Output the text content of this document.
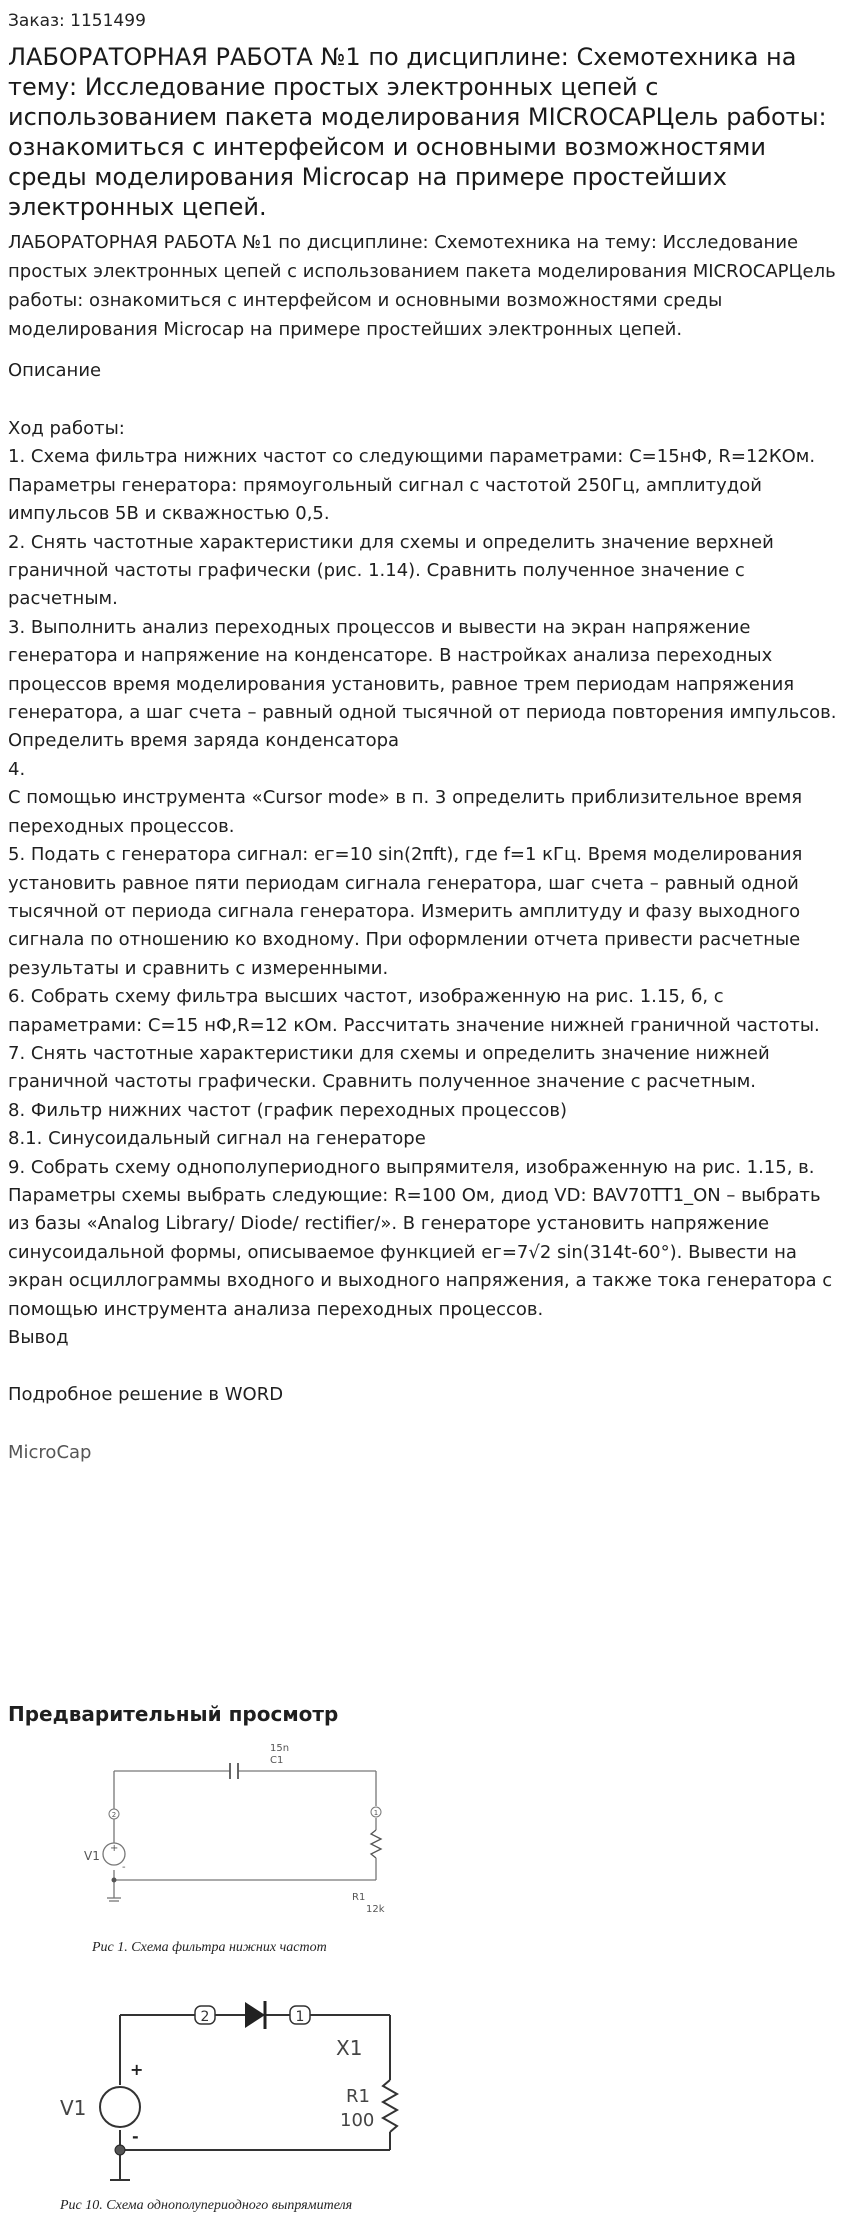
Заказ: 1151499
ЛАБОРАТОРНАЯ РАБОТА №1 по дисциплине: Схемотехника на тему: Исследование простых электронных цепей с использованием пакета моделирования MICROCAPЦель работы: ознакомиться с интерфейсом и основными возможностями среды моделирования Microcap на примере простейших электронных цепей.
ЛАБОРАТОРНАЯ РАБОТА №1 по дисциплине: Схемотехника на тему: Исследование простых электронных цепей с использованием пакета моделирования MICROCAPЦель работы: ознакомиться с интерфейсом и основными возможностями среды моделирования Microcap на примере простейших электронных цепей.
Описание
Ход работы:
1. Схема фильтра нижних частот со следующими параметрами: С=15нФ, R=12КОм. Параметры генератора: прямоугольный сигнал с частотой 250Гц, амплитудой импульсов 5В и скважностью 0,5.
2. Снять частотные характеристики для схемы и определить значение верхней граничной частоты графически (рис. 1.14). Сравнить полученное значение с расчетным.
3. Выполнить анализ переходных процессов и вывести на экран напряжение генератора и напряжение на конденсаторе. В настройках анализа переходных процессов время моделирования установить, равное трем периодам напряжения генератора, а шаг счета – равный одной тысячной от периода повторения импульсов. Определить время заряда конденсатора
4.
С помощью инструмента «Cursor mode» в п. 3 определить приблизительное время переходных процессов.
5. Подать с генератора сигнал: ег=10 sin(2πft), где f=1 кГц. Время моделирования установить равное пяти периодам сигнала генератора, шаг счета – равный одной тысячной от периода сигнала генератора. Измерить амплитуду и фазу выходного сигнала по отношению ко входному. При оформлении отчета привести расчетные результаты и сравнить с измеренными.
6. Собрать схему фильтра высших частот, изображенную на рис. 1.15, б, с параметрами: С=15 нФ,R=12 кОм. Рассчитать значение нижней граничной частоты.
7. Снять частотные характеристики для схемы и определить значение нижней граничной частоты графически. Сравнить полученное значение с расчетным.
8. Фильтр нижних частот (график переходных процессов)
8.1. Синусоидальный сигнал на генераторе
9. Собрать схему однополупериодного выпрямителя, изображенную на рис. 1.15, в. Параметры схемы выбрать следующие: R=100 Ом, диод VD: BAV70TT1_ON – выбрать из базы «Analog Library/ Diode/ rectifier/». В генераторе установить напряжение синусоидальной формы, описываемое функцией ег=7√2 sin(314t-60°). Вывести на экран осциллограммы входного и выходного напряжения, а также тока генератора с помощью инструмента анализа переходных процессов.
Вывод
Подробное решение в WORD
MicroCap
Предварительный просмотр
2	1
+
-
15n
C1
V1
R1
12k
Рис 1. Схема фильтра нижних частот
2	1
X1
R1
100
V1
+
-
Рис 10. Схема однополупериодного выпрямителя
